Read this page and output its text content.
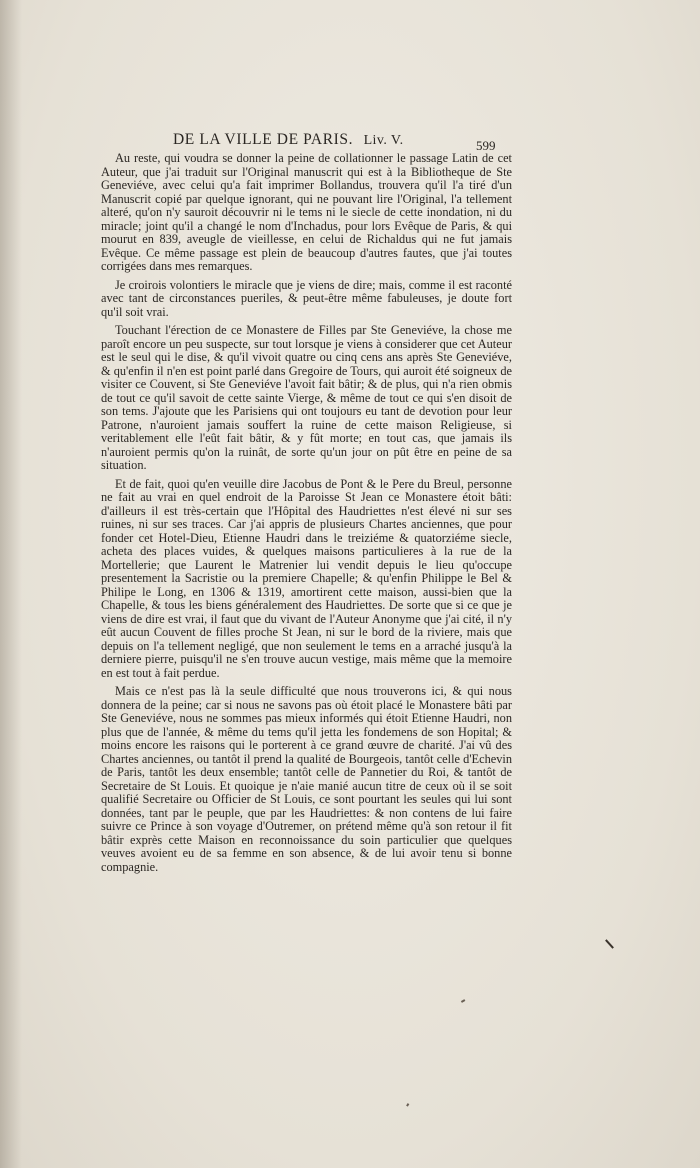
DE LA VILLE DE PARIS. Liv. V.	599

Au reste, qui voudra se donner la peine de collationner le passage Latin de cet Auteur, que j'ai traduit sur l'Original manuscrit qui est à la Bibliotheque de Ste Geneviéve, avec celui qu'a fait imprimer Bollandus, trouvera qu'il l'a tiré d'un Manuscrit copié par quelque ignorant, qui ne pouvant lire l'Original, l'a tellement alteré, qu'on n'y sauroit découvrir ni le tems ni le siecle de cette inondation, ni du miracle; joint qu'il a changé le nom d'Inchadus, pour lors Evêque de Paris, & qui mourut en 839, aveugle de vieillesse, en celui de Richaldus qui ne fut jamais Evêque. Ce même passage est plein de beaucoup d'autres fautes, que j'ai toutes corrigées dans mes remarques.

Je croirois volontiers le miracle que je viens de dire; mais, comme il est raconté avec tant de circonstances pueriles, & peut-être même fabuleuses, je doute fort qu'il soit vrai.

Touchant l'érection de ce Monastere de Filles par Ste Geneviéve, la chose me paroît encore un peu suspecte, sur tout lorsque je viens à considerer que cet Auteur est le seul qui le dise, & qu'il vivoit quatre ou cinq cens ans après Ste Geneviéve, & qu'enfin il n'en est point parlé dans Gregoire de Tours, qui auroit été soigneux de visiter ce Couvent, si Ste Geneviéve l'avoit fait bâtir; & de plus, qui n'a rien obmis de tout ce qu'il savoit de cette sainte Vierge, & même de tout ce qui s'en disoit de son tems. J'ajoute que les Parisiens qui ont toujours eu tant de devotion pour leur Patrone, n'auroient jamais souffert la ruine de cette maison Religieuse, si veritablement elle l'eût fait bâtir, & y fût morte; en tout cas, que jamais ils n'auroient permis qu'on la ruinât, de sorte qu'un jour on pût être en peine de sa situation.

Et de fait, quoi qu'en veuille dire Jacobus de Pont & le Pere du Breul, personne ne fait au vrai en quel endroit de la Paroisse St Jean ce Monastere étoit bâti: d'ailleurs il est très-certain que l'Hôpital des Haudriettes n'est élevé ni sur ses ruines, ni sur ses traces. Car j'ai appris de plusieurs Chartes anciennes, que pour fonder cet Hotel-Dieu, Etienne Haudri dans le treiziéme & quatorziéme siecle, acheta des places vuides, & quelques maisons particulieres à la rue de la Mortellerie; que Laurent le Matrenier lui vendit depuis le lieu qu'occupe presentement la Sacristie ou la premiere Chapelle; & qu'enfin Philippe le Bel & Philipe le Long, en 1306 & 1319, amortirent cette maison, aussi-bien que la Chapelle, & tous les biens généralement des Haudriettes. De sorte que si ce que je viens de dire est vrai, il faut que du vivant de l'Auteur Anonyme que j'ai cité, il n'y eût aucun Couvent de filles proche St Jean, ni sur le bord de la riviere, mais que depuis on l'a tellement negligé, que non seulement le tems en a arraché jusqu'à la derniere pierre, puisqu'il ne s'en trouve aucun vestige, mais même que la memoire en est tout à fait perdue.

Mais ce n'est pas là la seule difficulté que nous trouverons ici, & qui nous donnera de la peine; car si nous ne savons pas où étoit placé le Monastere bâti par Ste Geneviéve, nous ne sommes pas mieux informés qui étoit Etienne Haudri, non plus que de l'année, & même du tems qu'il jetta les fondemens de son Hopital; & moins encore les raisons qui le porterent à ce grand œuvre de charité. J'ai vû des Chartes anciennes, ou tantôt il prend la qualité de Bourgeois, tantôt celle d'Echevin de Paris, tantôt les deux ensemble; tantôt celle de Pannetier du Roi, & tantôt de Secretaire de St Louis. Et quoique je n'aie manié aucun titre de ceux où il se soit qualifié Secretaire ou Officier de St Louis, ce sont pourtant les seules qui lui sont données, tant par le peuple, que par les Haudriettes: & non contens de lui faire suivre ce Prince à son voyage d'Outremer, on prétend même qu'à son retour il fit bâtir exprès cette Maison en reconnoissance du soin particulier que quelques veuves avoient eu de sa femme en son absence, & de lui avoir tenu si bonne compagnie.
